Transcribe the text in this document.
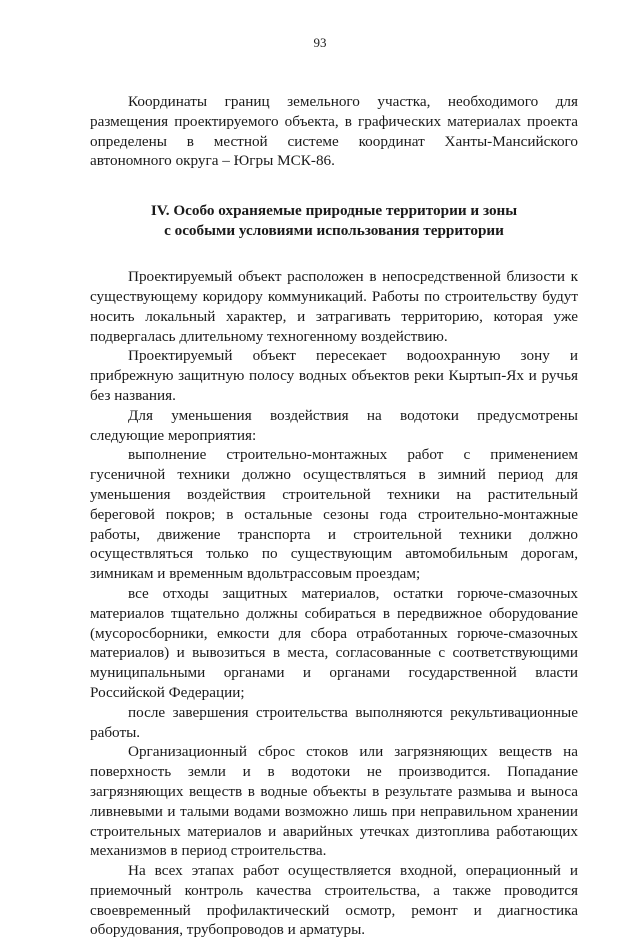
93

Координаты границ земельного участка, необходимого для размещения проектируемого объекта, в графических материалах проекта определены в местной системе координат Ханты-Мансийского автономного округа – Югры МСК-86.

IV. Особо охраняемые природные территории и зоны
с особыми условиями использования территории

Проектируемый объект расположен в непосредственной близости к существующему коридору коммуникаций. Работы по строительству будут носить локальный характер, и затрагивать территорию, которая уже подвергалась длительному техногенному воздействию.

Проектируемый объект пересекает водоохранную зону и прибрежную защитную полосу водных объектов реки Кыртып-Ях и ручья без названия.

Для уменьшения воздействия на водотоки предусмотрены следующие мероприятия:

выполнение строительно-монтажных работ с применением гусеничной техники должно осуществляться в зимний период для уменьшения воздействия строительной техники на растительный береговой покров; в остальные сезоны года строительно-монтажные работы, движение транспорта и строительной техники должно осуществляться только по существующим автомобильным дорогам, зимникам и временным вдольтрассовым проездам;

все отходы защитных материалов, остатки горюче-смазочных материалов тщательно должны собираться в передвижное оборудование (мусоросборники, емкости для сбора отработанных горюче-смазочных материалов) и вывозиться в места, согласованные с соответствующими муниципальными органами и органами государственной власти Российской Федерации;

после завершения строительства выполняются рекультивационные работы.

Организационный сброс стоков или загрязняющих веществ на поверхность земли и в водотоки не производится. Попадание загрязняющих веществ в водные объекты в результате размыва и выноса ливневыми и талыми водами возможно лишь при неправильном хранении строительных материалов и аварийных утечках дизтоплива работающих механизмов в период строительства.

На всех этапах работ осуществляется входной, операционный и приемочный контроль качества строительства, а также проводится своевременный профилактический осмотр, ремонт и диагностика оборудования, трубопроводов и арматуры.
